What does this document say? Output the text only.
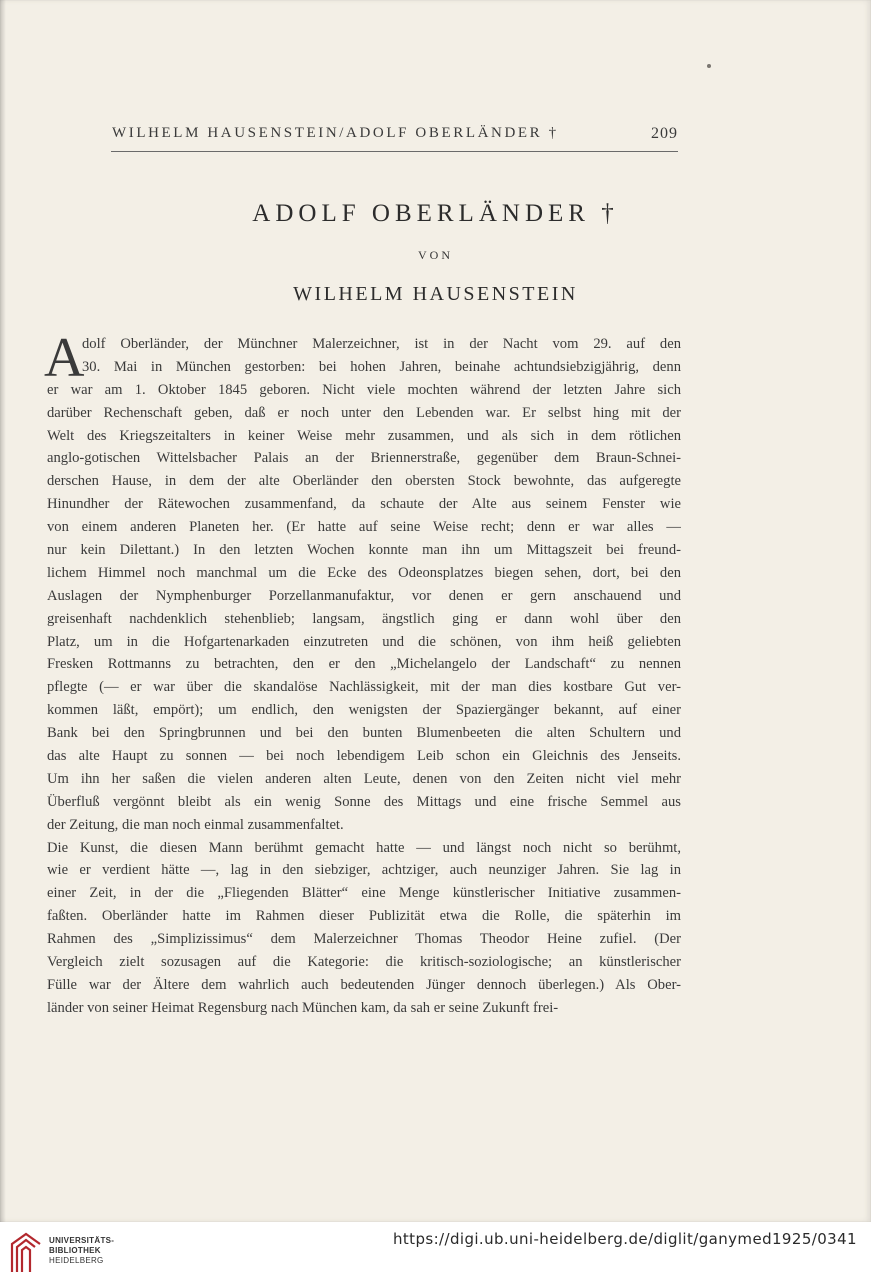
WILHELM HAUSENSTEIN/ADOLF OBERLÄNDER †	209
ADOLF OBERLÄNDER †
VON
WILHELM HAUSENSTEIN
A
dolf Oberländer, der Münchner Malerzeichner, ist in der Nacht vom 29. auf den
30. Mai in München gestorben: bei hohen Jahren, beinahe achtundsiebzigjährig, denn
er war am 1. Oktober 1845 geboren. Nicht viele mochten während der letzten Jahre sich
darüber Rechenschaft geben, daß er noch unter den Lebenden war. Er selbst hing mit der
Welt des Kriegszeitalters in keiner Weise mehr zusammen, und als sich in dem rötlichen
anglo-gotischen Wittelsbacher Palais an der Briennerstraße, gegenüber dem Braun-Schnei-
derschen Hause, in dem der alte Oberländer den obersten Stock bewohnte, das aufgeregte
Hinundher der Rätewochen zusammenfand, da schaute der Alte aus seinem Fenster wie
von einem anderen Planeten her. (Er hatte auf seine Weise recht; denn er war alles —
nur kein Dilettant.) In den letzten Wochen konnte man ihn um Mittagszeit bei freund-
lichem Himmel noch manchmal um die Ecke des Odeonsplatzes biegen sehen, dort, bei den
Auslagen der Nymphenburger Porzellanmanufaktur, vor denen er gern anschauend und
greisenhaft nachdenklich stehenblieb; langsam, ängstlich ging er dann wohl über den
Platz, um in die Hofgartenarkaden einzutreten und die schönen, von ihm heiß geliebten
Fresken Rottmanns zu betrachten, den er den „Michelangelo der Landschaft“ zu nennen
pflegte (— er war über die skandalöse Nachlässigkeit, mit der man dies kostbare Gut ver-
kommen läßt, empört); um endlich, den wenigsten der Spaziergänger bekannt, auf einer
Bank bei den Springbrunnen und bei den bunten Blumenbeeten die alten Schultern und
das alte Haupt zu sonnen — bei noch lebendigem Leib schon ein Gleichnis des Jenseits.
Um ihn her saßen die vielen anderen alten Leute, denen von den Zeiten nicht viel mehr
Überfluß vergönnt bleibt als ein wenig Sonne des Mittags und eine frische Semmel aus
der Zeitung, die man noch einmal zusammenfaltet.
Die Kunst, die diesen Mann berühmt gemacht hatte — und längst noch nicht so berühmt,
wie er verdient hätte —, lag in den siebziger, achtziger, auch neunziger Jahren. Sie lag in
einer Zeit, in der die „Fliegenden Blätter“ eine Menge künstlerischer Initiative zusammen-
faßten. Oberländer hatte im Rahmen dieser Publizität etwa die Rolle, die späterhin im
Rahmen des „Simplizissimus“ dem Malerzeichner Thomas Theodor Heine zufiel. (Der
Vergleich zielt sozusagen auf die Kategorie: die kritisch-soziologische; an künstlerischer
Fülle war der Ältere dem wahrlich auch bedeutenden Jünger dennoch überlegen.) Als Ober-
länder von seiner Heimat Regensburg nach München kam, da sah er seine Zukunft frei-
UNIVERSITÄTS-
BIBLIOTHEK
HEIDELBERG
https://digi.ub.uni-heidelberg.de/diglit/ganymed1925/0341
